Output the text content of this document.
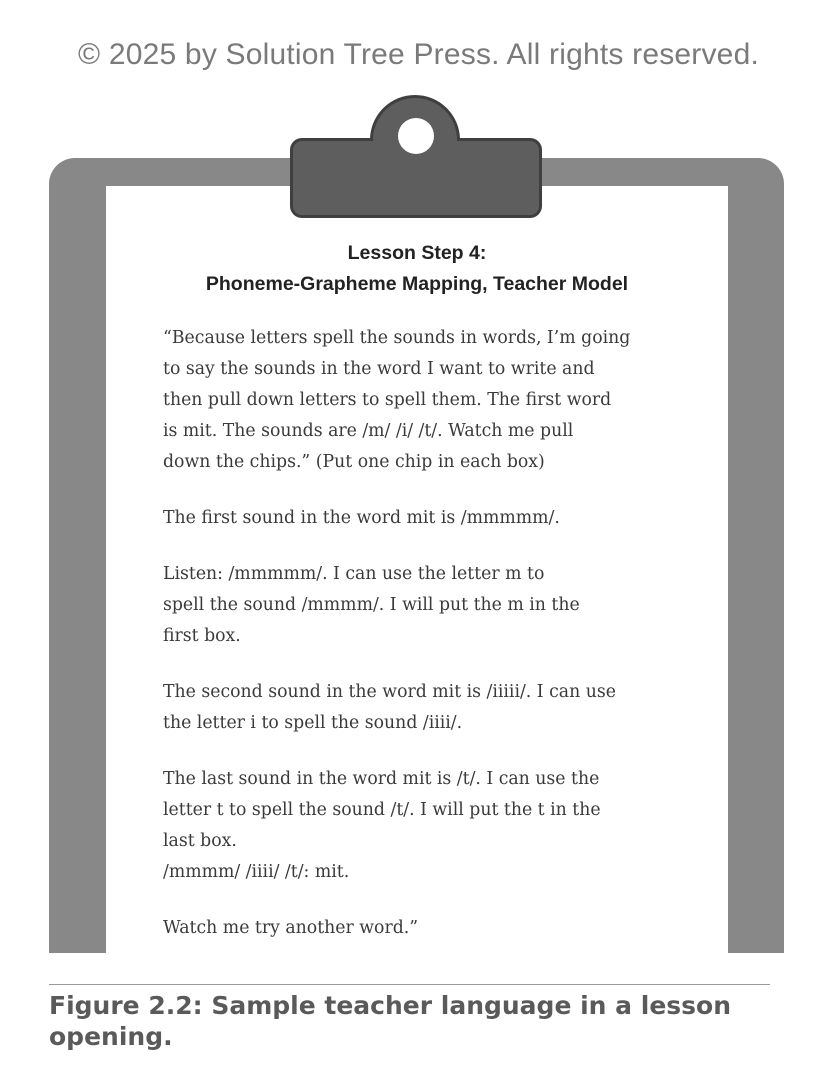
© 2025 by Solution Tree Press. All rights reserved.
Lesson Step 4:
Phoneme-Grapheme Mapping, Teacher Model

“Because letters spell the sounds in words, I’m going
to say the sounds in the word I want to write and
then pull down letters to spell them. The first word
is mit. The sounds are /m/ /i/ /t/. Watch me pull
down the chips.” (Put one chip in each box)

The first sound in the word mit is /mmmmm/.

Listen: /mmmmm/. I can use the letter m to
spell the sound /mmmm/. I will put the m in the
first box.

The second sound in the word mit is /iiiii/. I can use
the letter i to spell the sound /iiii/.

The last sound in the word mit is /t/. I can use the
letter t to spell the sound /t/. I will put the t in the
last box.
/mmmm/ /iiii/ /t/: mit.

Watch me try another word.”

Figure 2.2: Sample teacher language in a lesson
opening.
